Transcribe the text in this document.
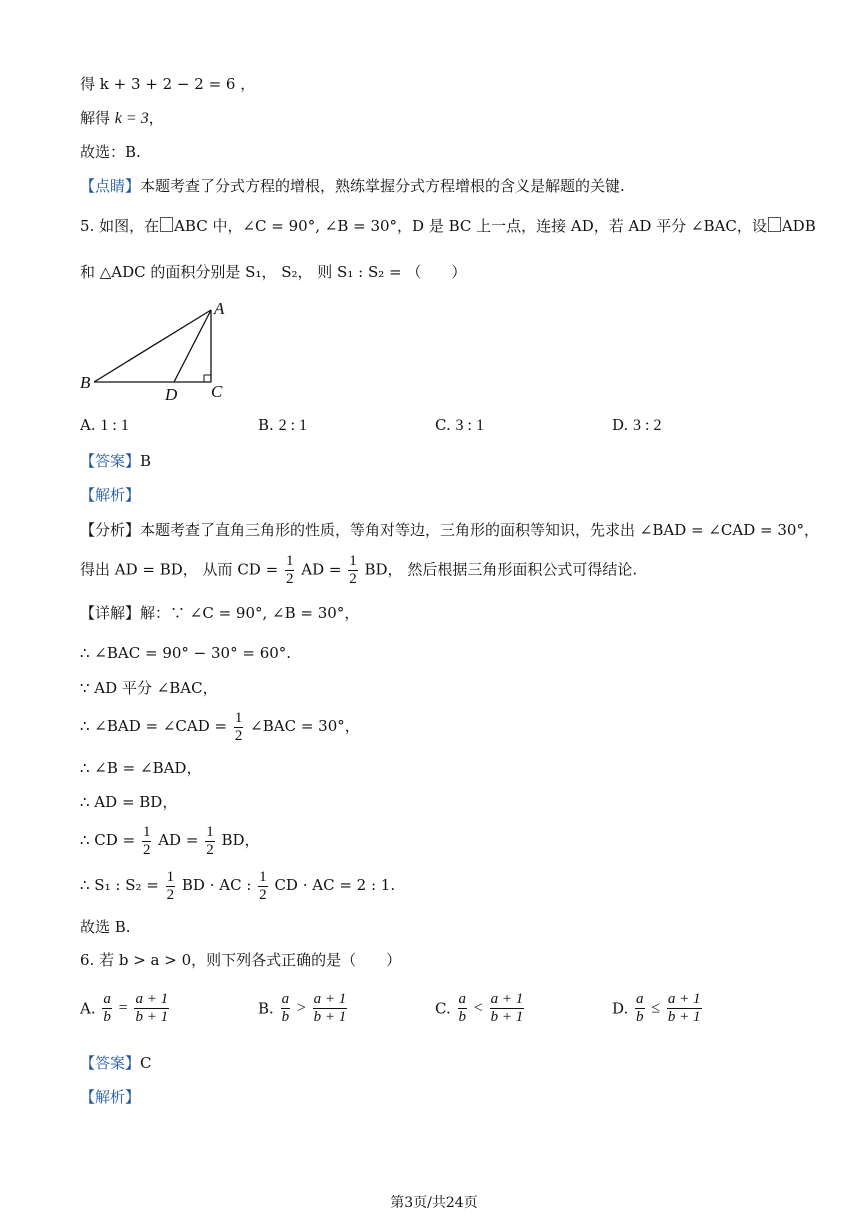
得 k + 3 + 2 − 2 = 6 ，
解得 k = 3，
故选：B.
【点睛】本题考查了分式方程的增根，熟练掌握分式方程增根的含义是解题的关键.
5. 如图，在 ABC 中，∠C = 90°, ∠B = 30°，D 是 BC 上一点，连接 AD，若 AD 平分 ∠BAC，设 ADB
和 △ADC 的面积分别是 S₁， S₂， 则 S₁ : S₂ = （　　）
A
B	C
D
A. 1 : 1	B. 2 : 1	C. 3 : 1	D. 3 : 2
【答案】B
【解析】
【分析】本题考查了直角三角形的性质，等角对等边，三角形的面积等知识，先求出 ∠BAD = ∠CAD = 30°，
得出 AD = BD， 从而 CD = $\frac{1}{2}$ AD = $\frac{1}{2}$ BD， 然后根据三角形面积公式可得结论.
【详解】解：∵ ∠C = 90°, ∠B = 30°，
∴ ∠BAC = 90° − 30° = 60°.
∵ AD 平分 ∠BAC，
∴ ∠BAD = ∠CAD = $\frac{1}{2}$ ∠BAC = 30°，
∴ ∠B = ∠BAD，
∴ AD = BD，
∴ CD = $\frac{1}{2}$ AD = $\frac{1}{2}$ BD，
∴ S₁ : $S_2 = \frac{1}{2}$ BD · AC : $\frac{1}{2}$ CD · AC = 2 : 1.
故选 B.
6. 若 b > a > 0，则下列各式正确的是（　　）
A. $\frac{a}{b} = \frac{a + 1}{b + 1}$	B. $\frac{a}{b} > \frac{a + 1}{b + 1}$	C. $\frac{a}{b} < \frac{a + 1}{b + 1}$	D. $\frac{a}{b} \le \frac{a + 1}{b + 1}$
【答案】C
【解析】
第3页/共24页
